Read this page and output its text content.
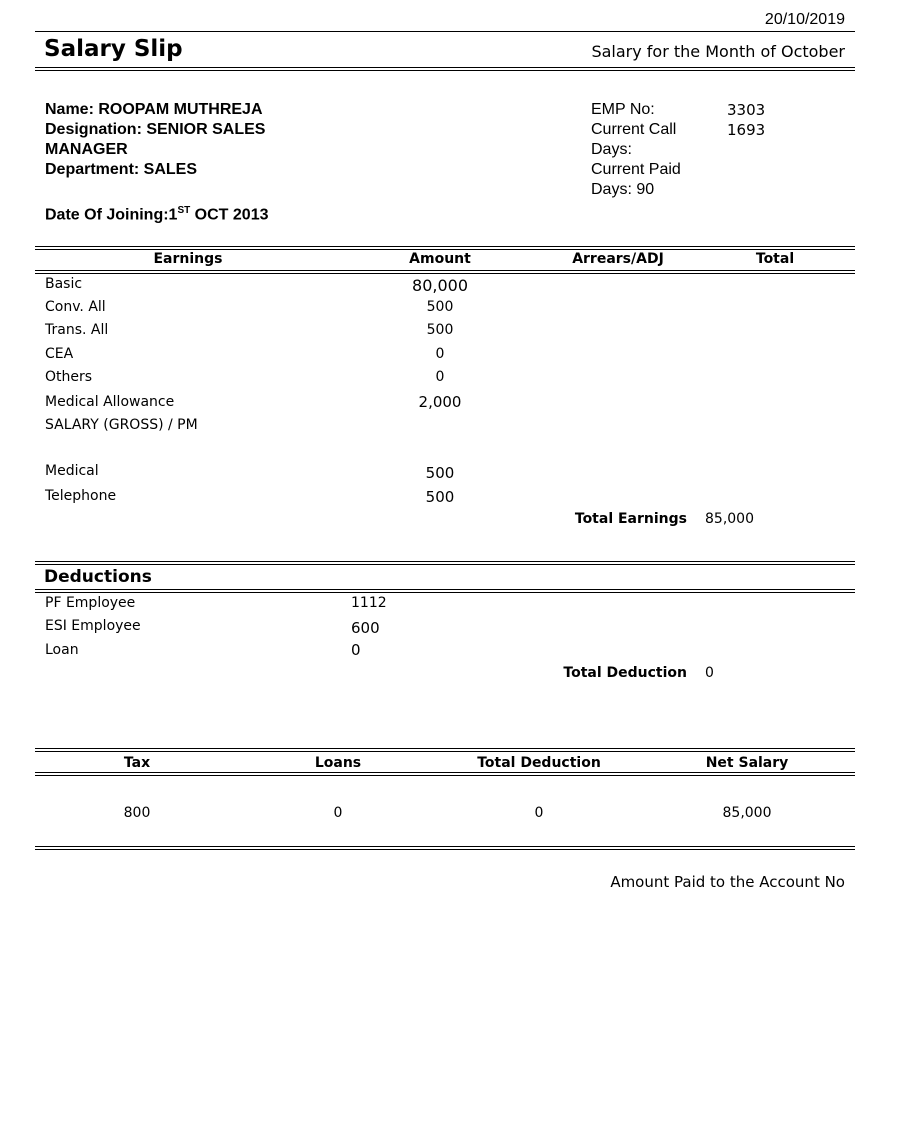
20/10/2019
Salary Slip	Salary for the Month of October
Name: ROOPAM MUTHREJA
Designation: SENIOR SALES
MANAGER
Department: SALES
Date Of Joining:1ST OCT 2013
EMP No:	3303
Current Call	1693
Days:
Current Paid
Days: 90
Earnings	Amount	Arrears/ADJ	Total
Basic	80,000
Conv. All	500
Trans. All	500
CEA	0
Others	0
Medical Allowance	2,000
SALARY (GROSS) / PM
Medical	500
Telephone	500
Total Earnings 85,000
Deductions
PF Employee	1112
ESI Employee	600
Loan	0
Total Deduction 0
Tax	Loans	Total Deduction	Net Salary
800	0	0	85,000
Amount Paid to the Account No
